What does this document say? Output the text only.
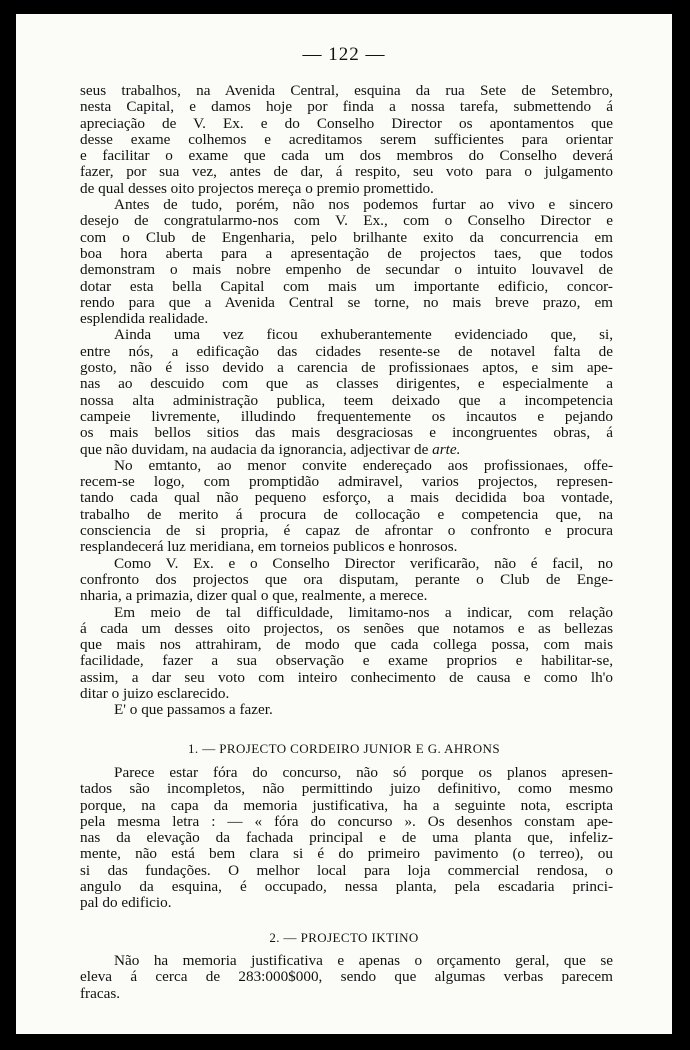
— 122 —
seus trabalhos, na Avenida Central, esquina da rua Sete de Setembro,
nesta Capital, e damos hoje por finda a nossa tarefa, submettendo á
apreciação de V. Ex. e do Conselho Director os apontamentos que
desse exame colhemos e acreditamos serem sufficientes para orientar
e facilitar o exame que cada um dos membros do Conselho deverá
fazer, por sua vez, antes de dar, á respito, seu voto para o julgamento
de qual desses oito projectos mereça o premio promettido.
Antes de tudo, porém, não nos podemos furtar ao vivo e sincero
desejo de congratularmo-nos com V. Ex., com o Conselho Director e
com o Club de Engenharia, pelo brilhante exito da concurrencia em
boa hora aberta para a apresentação de projectos taes, que todos
demonstram o mais nobre empenho de secundar o intuito louvavel de
dotar esta bella Capital com mais um importante edificio, concor-
rendo para que a Avenida Central se torne, no mais breve prazo, em
esplendida realidade.
Ainda uma vez ficou exhuberantemente evidenciado que, si,
entre nós, a edificação das cidades resente-se de notavel falta de
gosto, não é isso devido a carencia de profissionaes aptos, e sim ape-
nas ao descuido com que as classes dirigentes, e especialmente a
nossa alta administração publica, teem deixado que a incompetencia
campeie livremente, illudindo frequentemente os incautos e pejando
os mais bellos sitios das mais desgraciosas e incongruentes obras, á
que não duvidam, na audacia da ignorancia, adjectivar de arte.
No emtanto, ao menor convite endereçado aos profissionaes, offe-
recem-se logo, com promptidão admiravel, varios projectos, represen-
tando cada qual não pequeno esforço, a mais decidida boa vontade,
trabalho de merito á procura de collocação e competencia que, na
consciencia de si propria, é capaz de afrontar o confronto e procura
resplandecerá luz meridiana, em torneios publicos e honrosos.
Como V. Ex. e o Conselho Director verificarão, não é facil, no
confronto dos projectos que ora disputam, perante o Club de Enge-
nharia, a primazia, dizer qual o que, realmente, a merece.
Em meio de tal difficuldade, limitamo-nos a indicar, com relação
á cada um desses oito projectos, os senões que notamos e as bellezas
que mais nos attrahiram, de modo que cada collega possa, com mais
facilidade, fazer a sua observação e exame proprios e habilitar-se,
assim, a dar seu voto com inteiro conhecimento de causa e como lh'o
ditar o juizo esclarecido.
E' o que passamos a fazer.
1. — PROJECTO CORDEIRO JUNIOR E G. AHRONS
Parece estar fóra do concurso, não só porque os planos apresen-
tados são incompletos, não permittindo juizo definitivo, como mesmo
porque, na capa da memoria justificativa, ha a seguinte nota, escripta
pela mesma letra : — « fóra do concurso ». Os desenhos constam ape-
nas da elevação da fachada principal e de uma planta que, infeliz-
mente, não está bem clara si é do primeiro pavimento (o terreo), ou
si das fundações. O melhor local para loja commercial rendosa, o
angulo da esquina, é occupado, nessa planta, pela escadaria princi-
pal do edificio.
2. — PROJECTO IKTINO
Não ha memoria justificativa e apenas o orçamento geral, que se
eleva á cerca de 283:000$000, sendo que algumas verbas parecem
fracas.
